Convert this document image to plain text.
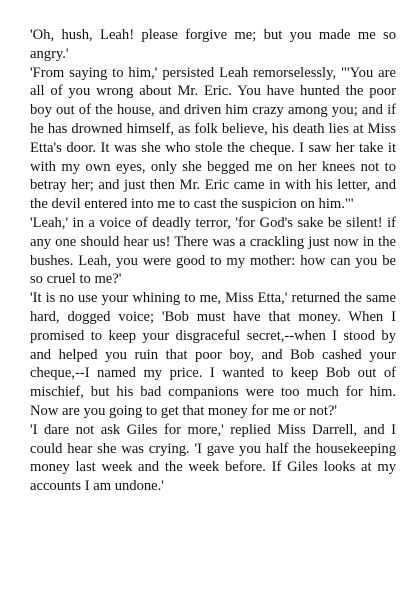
'Oh, hush, Leah! please forgive me; but you made me so angry.'

'From saying to him,' persisted Leah remorselessly, "'You are all of you wrong about Mr. Eric. You have hunted the poor boy out of the house, and driven him crazy among you; and if he has drowned himself, as folk believe, his death lies at Miss Etta's door. It was she who stole the cheque. I saw her take it with my own eyes, only she begged me on her knees not to betray her; and just then Mr. Eric came in with his letter, and the devil entered into me to cast the suspicion on him."'

'Leah,' in a voice of deadly terror, 'for God's sake be silent! if any one should hear us! There was a crackling just now in the bushes. Leah, you were good to my mother: how can you be so cruel to me?'

'It is no use your whining to me, Miss Etta,' returned the same hard, dogged voice; 'Bob must have that money. When I promised to keep your disgraceful secret,--when I stood by and helped you ruin that poor boy, and Bob cashed your cheque,--I named my price. I wanted to keep Bob out of mischief, but his bad companions were too much for him. Now are you going to get that money for me or not?'

'I dare not ask Giles for more,' replied Miss Darrell, and I could hear she was crying. 'I gave you half the housekeeping money last week and the week before. If Giles looks at my accounts I am undone.'
